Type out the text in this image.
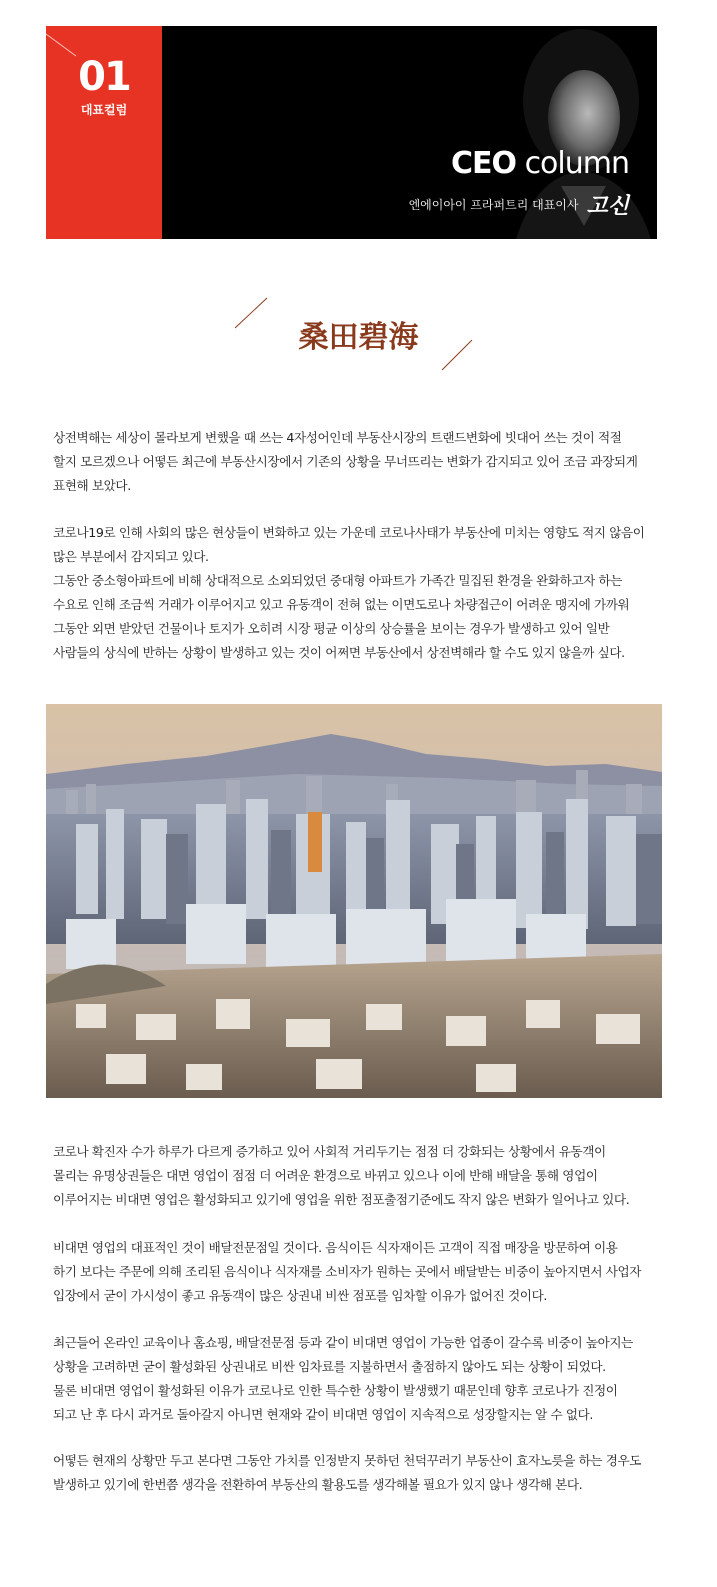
01
대표컬럼
CEO column
엔에이아이 프라퍼트리 대표이사 고신
桑田碧海
상전벽해는 세상이 몰라보게 변했을 때 쓰는 4자성어인데 부동산시장의 트랜드변화에 빗대어 쓰는 것이 적절
할지 모르겠으나 어떻든 최근에 부동산시장에서 기존의 상황을 무너뜨리는 변화가 감지되고 있어 조금 과장되게
표현해 보았다.
코로나19로 인해 사회의 많은 현상들이 변화하고 있는 가운데 코로나사태가 부동산에 미치는 영향도 적지 않음이
많은 부분에서 감지되고 있다.
그동안 중소형아파트에 비해 상대적으로 소외되었던 중대형 아파트가 가족간 밀집된 환경을 완화하고자 하는
수요로 인해 조금씩 거래가 이루어지고 있고 유동객이 전혀 없는 이면도로나 차량접근이 어려운 맹지에 가까워
그동안 외면 받았던 건물이나 토지가 오히려 시장 평균 이상의 상승률을 보이는 경우가 발생하고 있어 일반
사람들의 상식에 반하는 상황이 발생하고 있는 것이 어쩌면 부동산에서 상전벽해라 할 수도 있지 않을까 싶다.
코로나 확진자 수가 하루가 다르게 증가하고 있어 사회적 거리두기는 점점 더 강화되는 상황에서 유동객이
몰리는 유명상권들은 대면 영업이 점점 더 어려운 환경으로 바뀌고 있으나 이에 반해 배달을 통해 영업이
이루어지는 비대면 영업은 활성화되고 있기에 영업을 위한 점포출점기준에도 작지 않은 변화가 일어나고 있다.
비대면 영업의 대표적인 것이 배달전문점일 것이다. 음식이든 식자재이든 고객이 직접 매장을 방문하여 이용
하기 보다는 주문에 의해 조리된 음식이나 식자재를 소비자가 원하는 곳에서 배달받는 비중이 높아지면서 사업자
입장에서 굳이 가시성이 좋고 유동객이 많은 상권내 비싼 점포를 임차할 이유가 없어진 것이다.
최근들어 온라인 교육이나 홈쇼핑, 배달전문점 등과 같이 비대면 영업이 가능한 업종이 갈수록 비중이 높아지는
상황을 고려하면 굳이 활성화된 상권내로 비싼 임차료를 지불하면서 출점하지 않아도 되는 상황이 되었다.
물론 비대면 영업이 활성화된 이유가 코로나로 인한 특수한 상황이 발생했기 때문인데 향후 코로나가 진정이
되고 난 후 다시 과거로 돌아갈지 아니면 현재와 같이 비대면 영업이 지속적으로 성장할지는 알 수 없다.
어떻든 현재의 상황만 두고 본다면 그동안 가치를 인정받지 못하던 천덕꾸러기 부동산이 효자노릇을 하는 경우도
발생하고 있기에 한번쯤 생각을 전환하여 부동산의 활용도를 생각해볼 필요가 있지 않나 생각해 본다.
